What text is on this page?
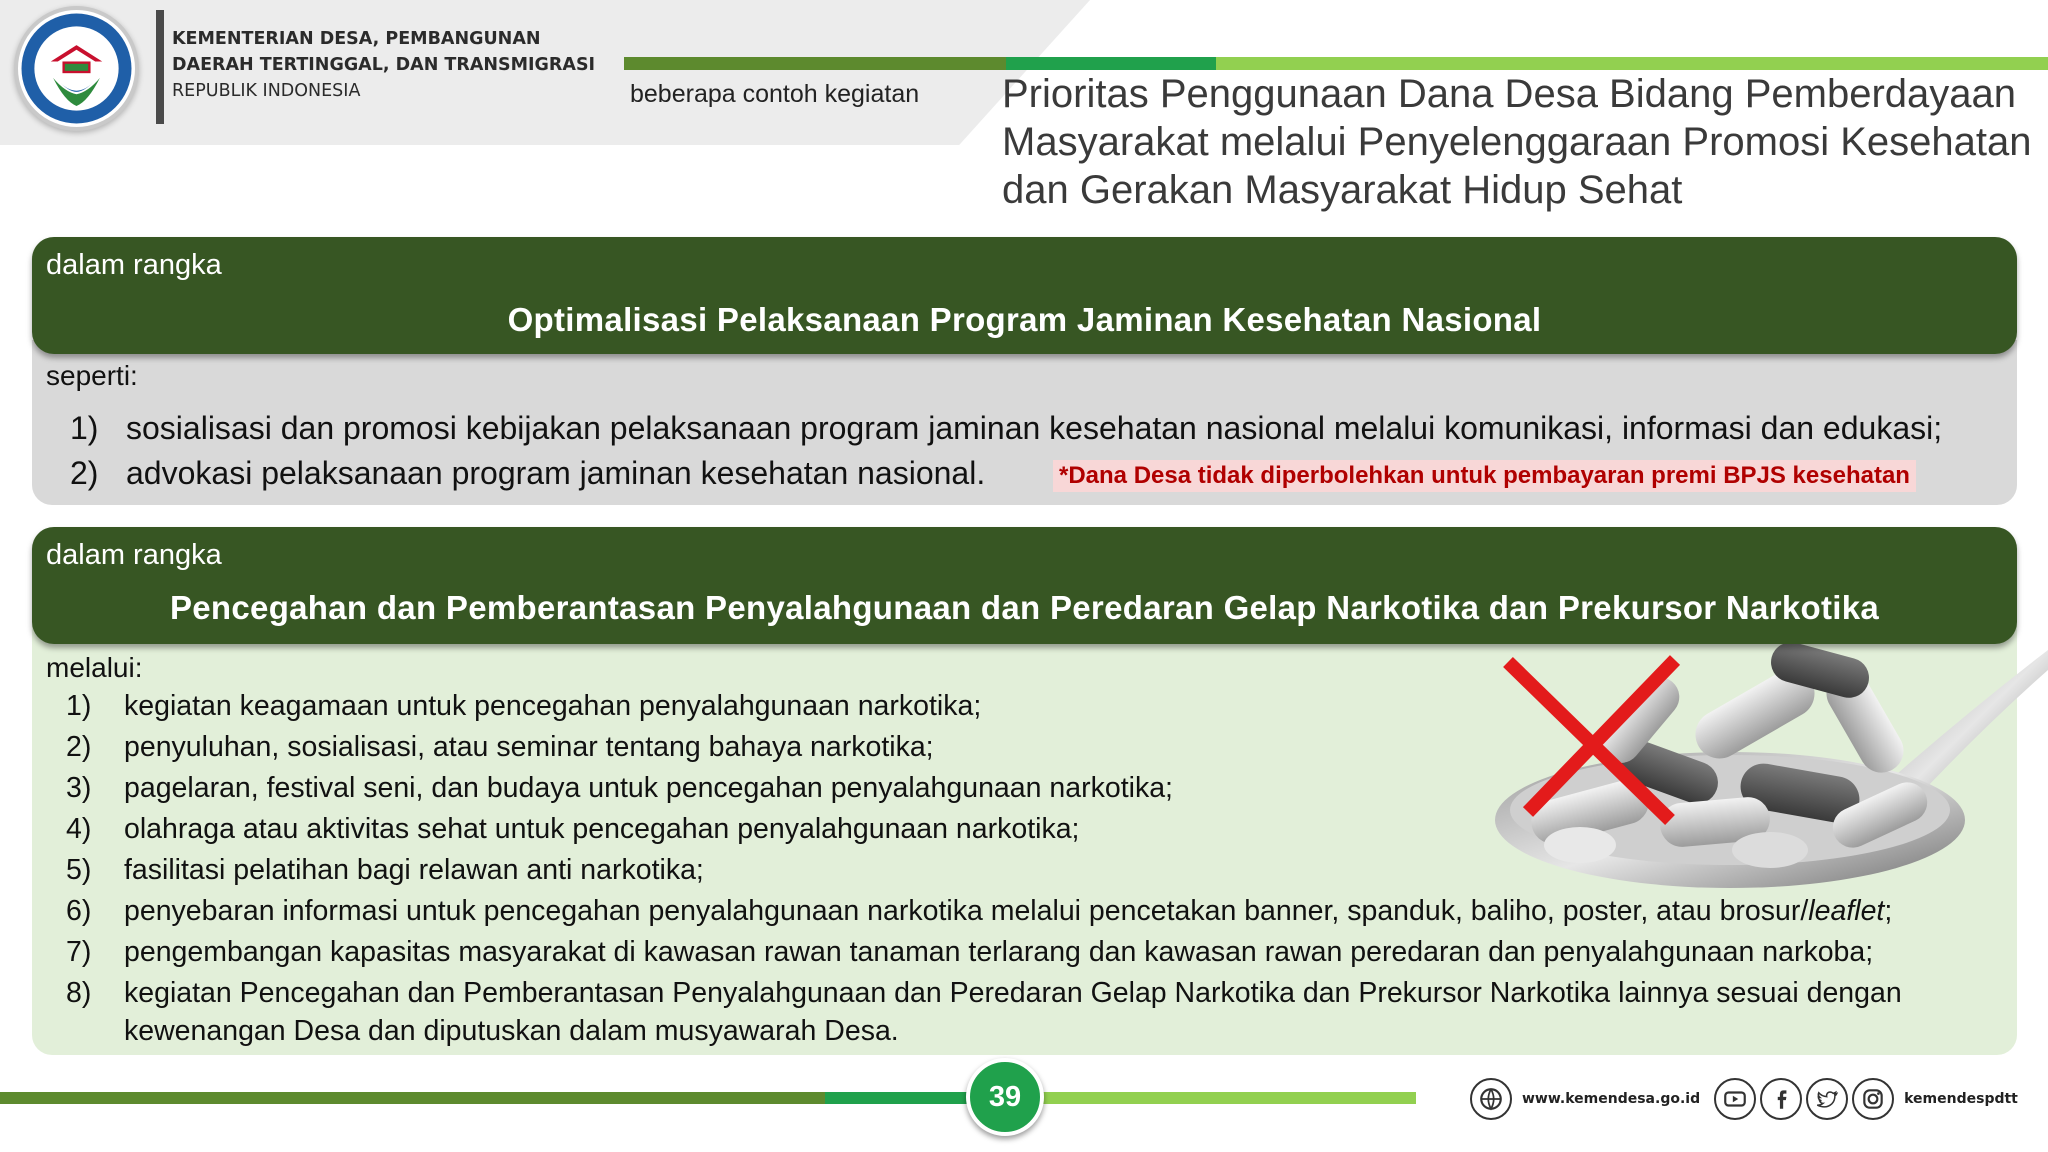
KEMENTERIAN DESA, PEMBANGUNAN
DAERAH TERTINGGAL, DAN TRANSMIGRASI
REPUBLIK INDONESIA	beberapa contoh kegiatan Prioritas Penggunaan Dana Desa Bidang Pemberdayaan Masyarakat melalui Penyelenggaraan Promosi Kesehatan dan Gerakan Masyarakat Hidup Sehat
seperti:
1) sosialisasi dan promosi kebijakan pelaksanaan program jaminan kesehatan nasional melalui komunikasi, informasi dan edukasi;
2) advokasi pelaksanaan program jaminan kesehatan nasional.	*Dana Desa tidak diperbolehkan untuk pembayaran premi BPJS kesehatan
dalam rangka
Optimalisasi Pelaksanaan Program Jaminan Kesehatan Nasional
melalui:
1)	kegiatan keagamaan untuk pencegahan penyalahgunaan narkotika;
2)	penyuluhan, sosialisasi, atau seminar tentang bahaya narkotika;
3)	pagelaran, festival seni, dan budaya untuk pencegahan penyalahgunaan narkotika;
4)	olahraga atau aktivitas sehat untuk pencegahan penyalahgunaan narkotika;
5)	fasilitasi pelatihan bagi relawan anti narkotika;
6)	penyebaran informasi untuk pencegahan penyalahgunaan narkotika melalui pencetakan banner, spanduk, baliho, poster, atau brosur/leaflet;
7)	pengembangan kapasitas masyarakat di kawasan rawan tanaman terlarang dan kawasan rawan peredaran dan penyalahgunaan narkoba;
8)	kegiatan Pencegahan dan Pemberantasan Penyalahgunaan dan Peredaran Gelap Narkotika dan Prekursor Narkotika lainnya sesuai dengan
kewenangan Desa dan diputuskan dalam musyawarah Desa.
dalam rangka
Pencegahan dan Pemberantasan Penyalahgunaan dan Peredaran Gelap Narkotika dan Prekursor Narkotika
39	www.kemendesa.go.id	kemendespdtt
